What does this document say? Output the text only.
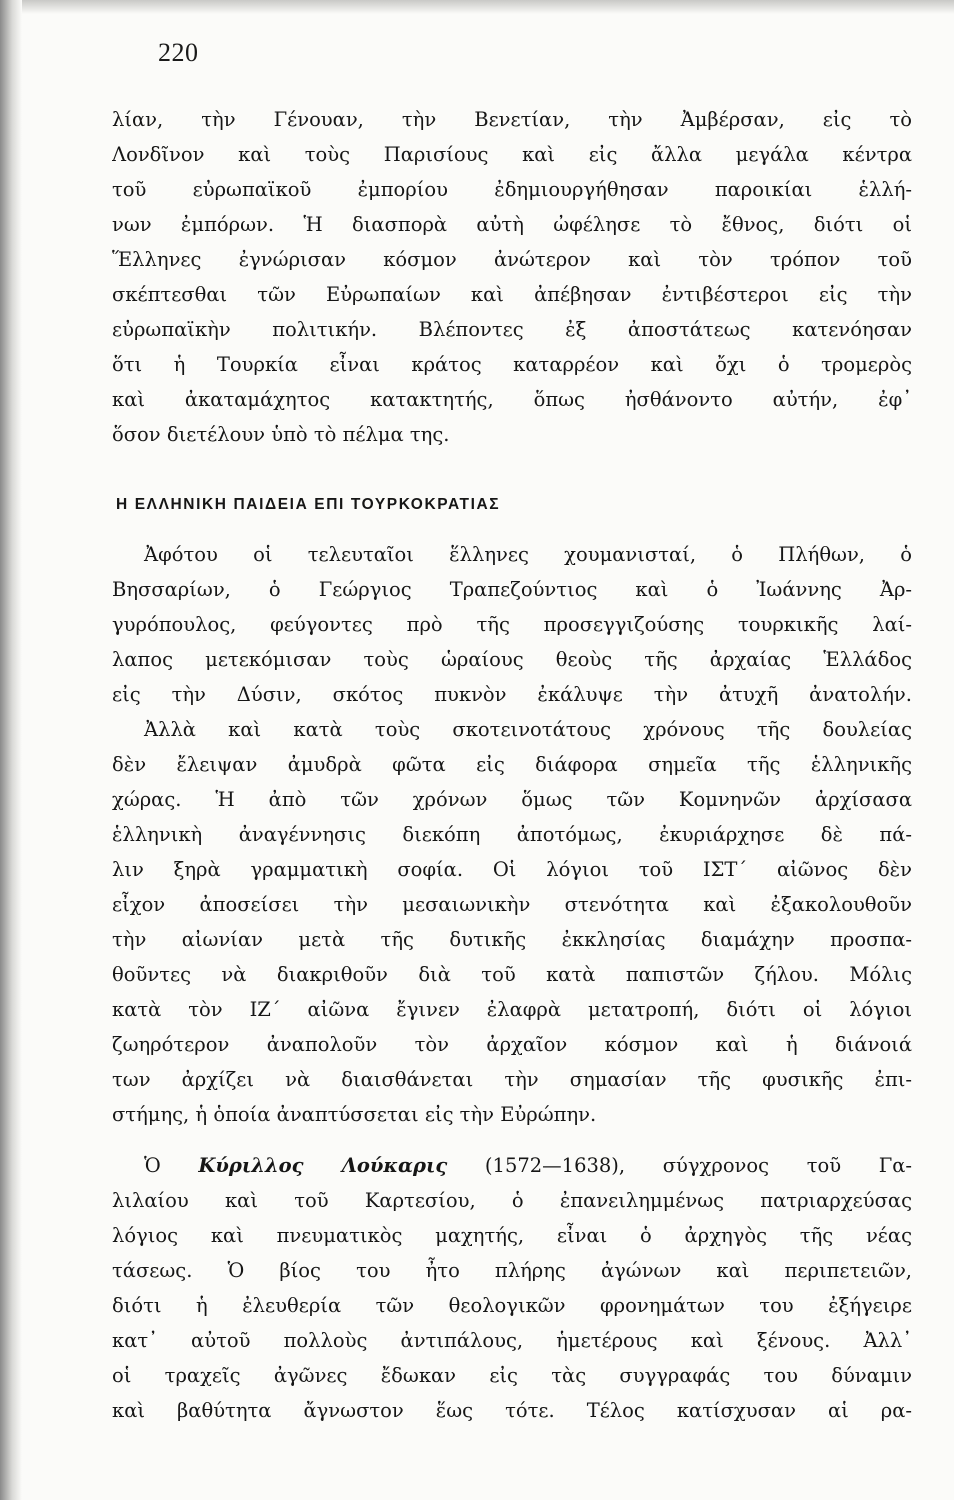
220
λίαν, τὴν Γένουαν, τὴν Βενετίαν, τὴν Ἀμβέρσαν, εἰς τὸ
Λονδῖνον καὶ τοὺς Παρισίους καὶ εἰς ἄλλα μεγάλα κέντρα
τοῦ εὐρωπαϊκοῦ ἐμπορίου ἐδημιουργήθησαν παροικίαι ἑλλή-
νων ἐμπόρων. Ἡ διασπορὰ αὐτὴ ὠφέλησε τὸ ἔθνος, διότι οἱ
Ἕλληνες ἐγνώρισαν κόσμον ἀνώτερον καὶ τὸν τρόπον τοῦ
σκέπτεσθαι τῶν Εὐρωπαίων καὶ ἀπέβησαν ἐντιβέστεροι εἰς τὴν
εὐρωπαϊκὴν πολιτικήν. Βλέποντες ἐξ ἀποστάτεως κατενόησαν
ὅτι ἡ Τουρκία εἶναι κράτος καταρρέον καὶ ὄχι ὁ τρομερὸς
καὶ ἀκαταμάχητος κατακτητής, ὅπως ἠσθάνοντο αὐτήν, ἐφ᾽
ὅσον διετέλουν ὑπὸ τὸ πέλμα της.
Η ΕΛΛΗΝΙΚΗ ΠΑΙΔΕΙΑ ΕΠΙ ΤΟΥΡΚΟΚΡΑΤΙΑΣ
Ἀφότου οἱ τελευταῖοι ἕλληνες χουμανισταί, ὁ Πλήθων, ὁ
Βησσαρίων, ὁ Γεώργιος Τραπεζούντιος καὶ ὁ Ἰωάννης Ἀρ-
γυρόπουλος, φεύγοντες πρὸ τῆς προσεγγιζούσης τουρκικῆς λαί-
λαπος μετεκόμισαν τοὺς ὡραίους θεοὺς τῆς ἀρχαίας Ἑλλάδος
εἰς τὴν Δύσιν, σκότος πυκνὸν ἐκάλυψε τὴν ἀτυχῆ ἀνατολήν.
Ἀλλὰ καὶ κατὰ τοὺς σκοτεινοτάτους χρόνους τῆς δουλείας
δὲν ἔλειψαν ἀμυδρὰ φῶτα εἰς διάφορα σημεῖα τῆς ἑλληνικῆς
χώρας. Ἡ ἀπὸ τῶν χρόνων ὅμως τῶν Κομνηνῶν ἀρχίσασα
ἑλληνικὴ ἀναγέννησις διεκόπη ἀποτόμως, ἐκυριάρχησε δὲ πά-
λιν ξηρὰ γραμματικὴ σοφία. Οἱ λόγιοι τοῦ ΙΣΤ´ αἰῶνος δὲν
εἶχον ἀποσείσει τὴν μεσαιωνικὴν στενότητα καὶ ἐξακολουθοῦν
τὴν αἰωνίαν μετὰ τῆς δυτικῆς ἐκκλησίας διαμάχην προσπα-
θοῦντες νὰ διακριθοῦν διὰ τοῦ κατὰ παπιστῶν ζήλου. Μόλις
κατὰ τὸν ΙΖ´ αἰῶνα ἔγινεν ἐλαφρὰ μετατροπή, διότι οἱ λόγιοι
ζωηρότερον ἀναπολοῦν τὸν ἀρχαῖον κόσμον καὶ ἡ διάνοιά
των ἀρχίζει νὰ διαισθάνεται τὴν σημασίαν τῆς φυσικῆς ἐπι-
στήμης, ἡ ὁποία ἀναπτύσσεται εἰς τὴν Εὐρώπην.
Ὁ Κύριλλος Λούκαρις (1572—1638), σύγχρονος τοῦ Γα-
λιλαίου καὶ τοῦ Καρτεσίου, ὁ ἐπανειλημμένως πατριαρχεύσας
λόγιος καὶ πνευματικὸς μαχητής, εἶναι ὁ ἀρχηγὸς τῆς νέας
τάσεως. Ὁ βίος του ἦτο πλήρης ἀγώνων καὶ περιπετειῶν,
διότι ἡ ἐλευθερία τῶν θεολογικῶν φρονημάτων του ἐξήγειρε
κατ᾽ αὐτοῦ πολλοὺς ἀντιπάλους, ἡμετέρους καὶ ξένους. Ἀλλ᾽
οἱ τραχεῖς ἀγῶνες ἔδωκαν εἰς τὰς συγγραφάς του δύναμιν
καὶ βαθύτητα ἄγνωστον ἕως τότε. Τέλος κατίσχυσαν αἱ ρα-
